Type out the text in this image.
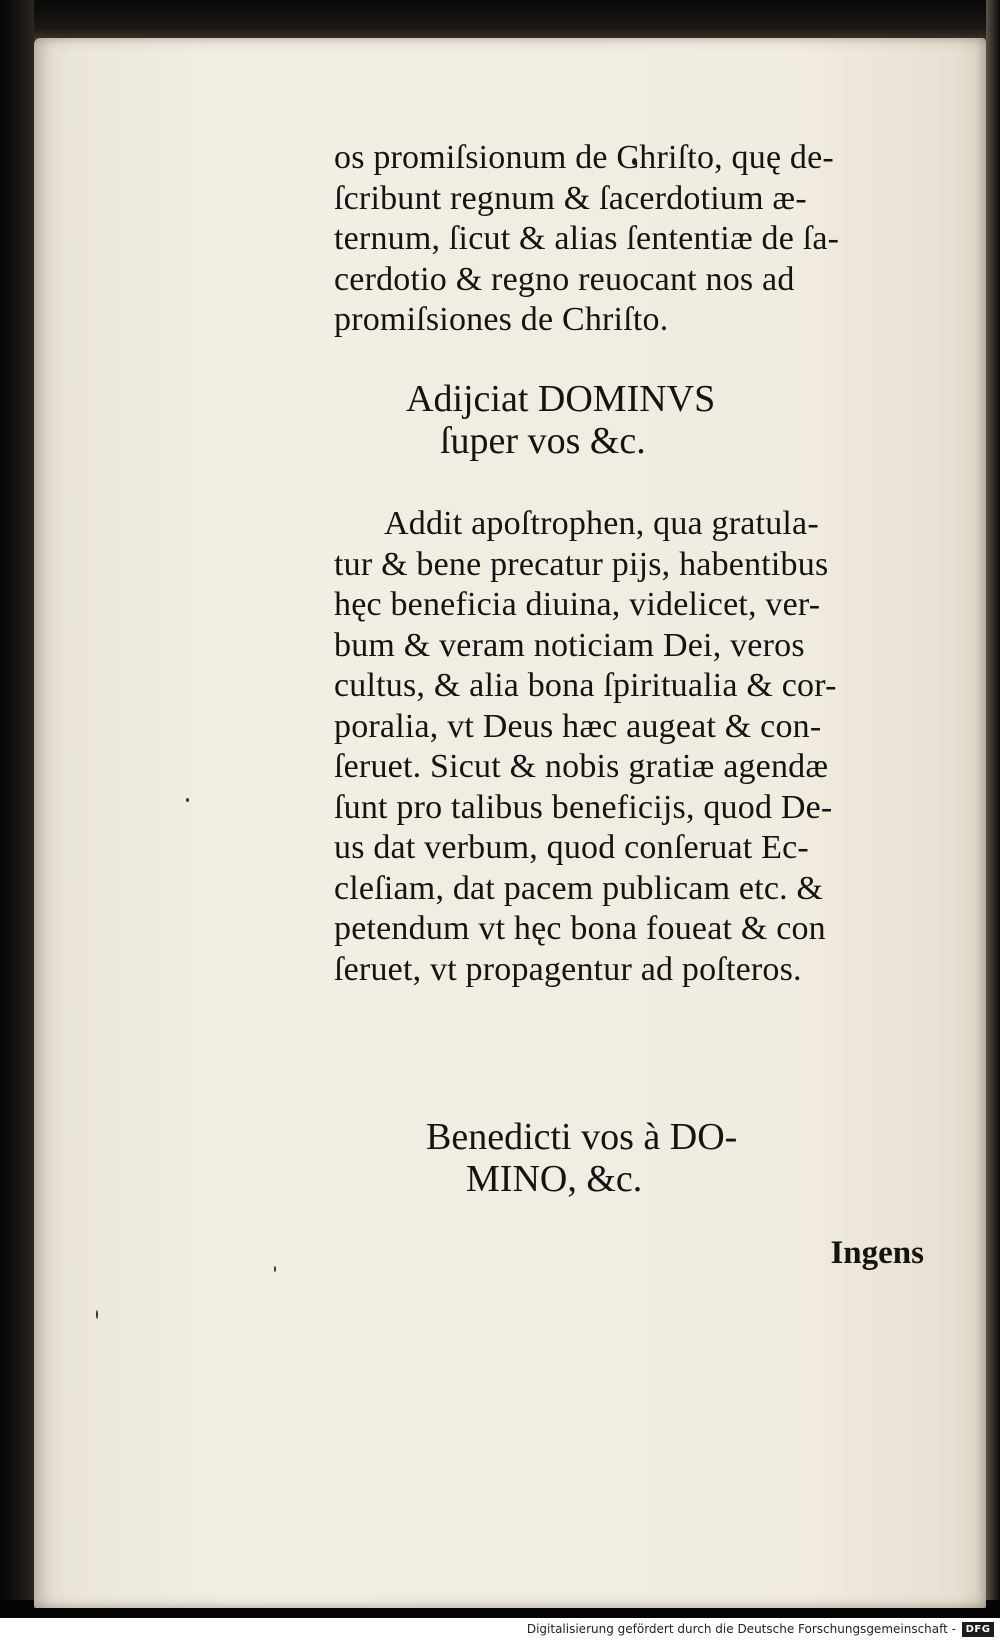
os promiſsionum de Chriſto, quę de-

ſcribunt regnum & ſacerdotium æ-

ternum, ſicut & alias ſententiæ de ſa-

cerdotio & regno reuocant nos ad

promiſsiones de Chriſto.

Adijciat DOMINVS

ſuper vos &c.

Addit apoſtrophen, qua gratula-

tur & bene precatur pijs, habentibus

hęc beneficia diuina, videlicet, ver-

bum & veram noticiam Dei, veros

cultus, & alia bona ſpiritualia & cor-

poralia, vt Deus hæc augeat & con-

ſeruet. Sicut & nobis gratiæ agendæ

ſunt pro talibus beneficijs, quod De-

us dat verbum, quod conſeruat Ec-

cleſiam, dat pacem publicam etc. &

petendum vt hęc bona foueat & con

ſeruet, vt propagentur ad poſteros.

Benedicti vos à DO-

MINO, &c.

Ingens
Digitalisierung gefördert durch die Deutsche Forschungsgemeinschaft - DFG
